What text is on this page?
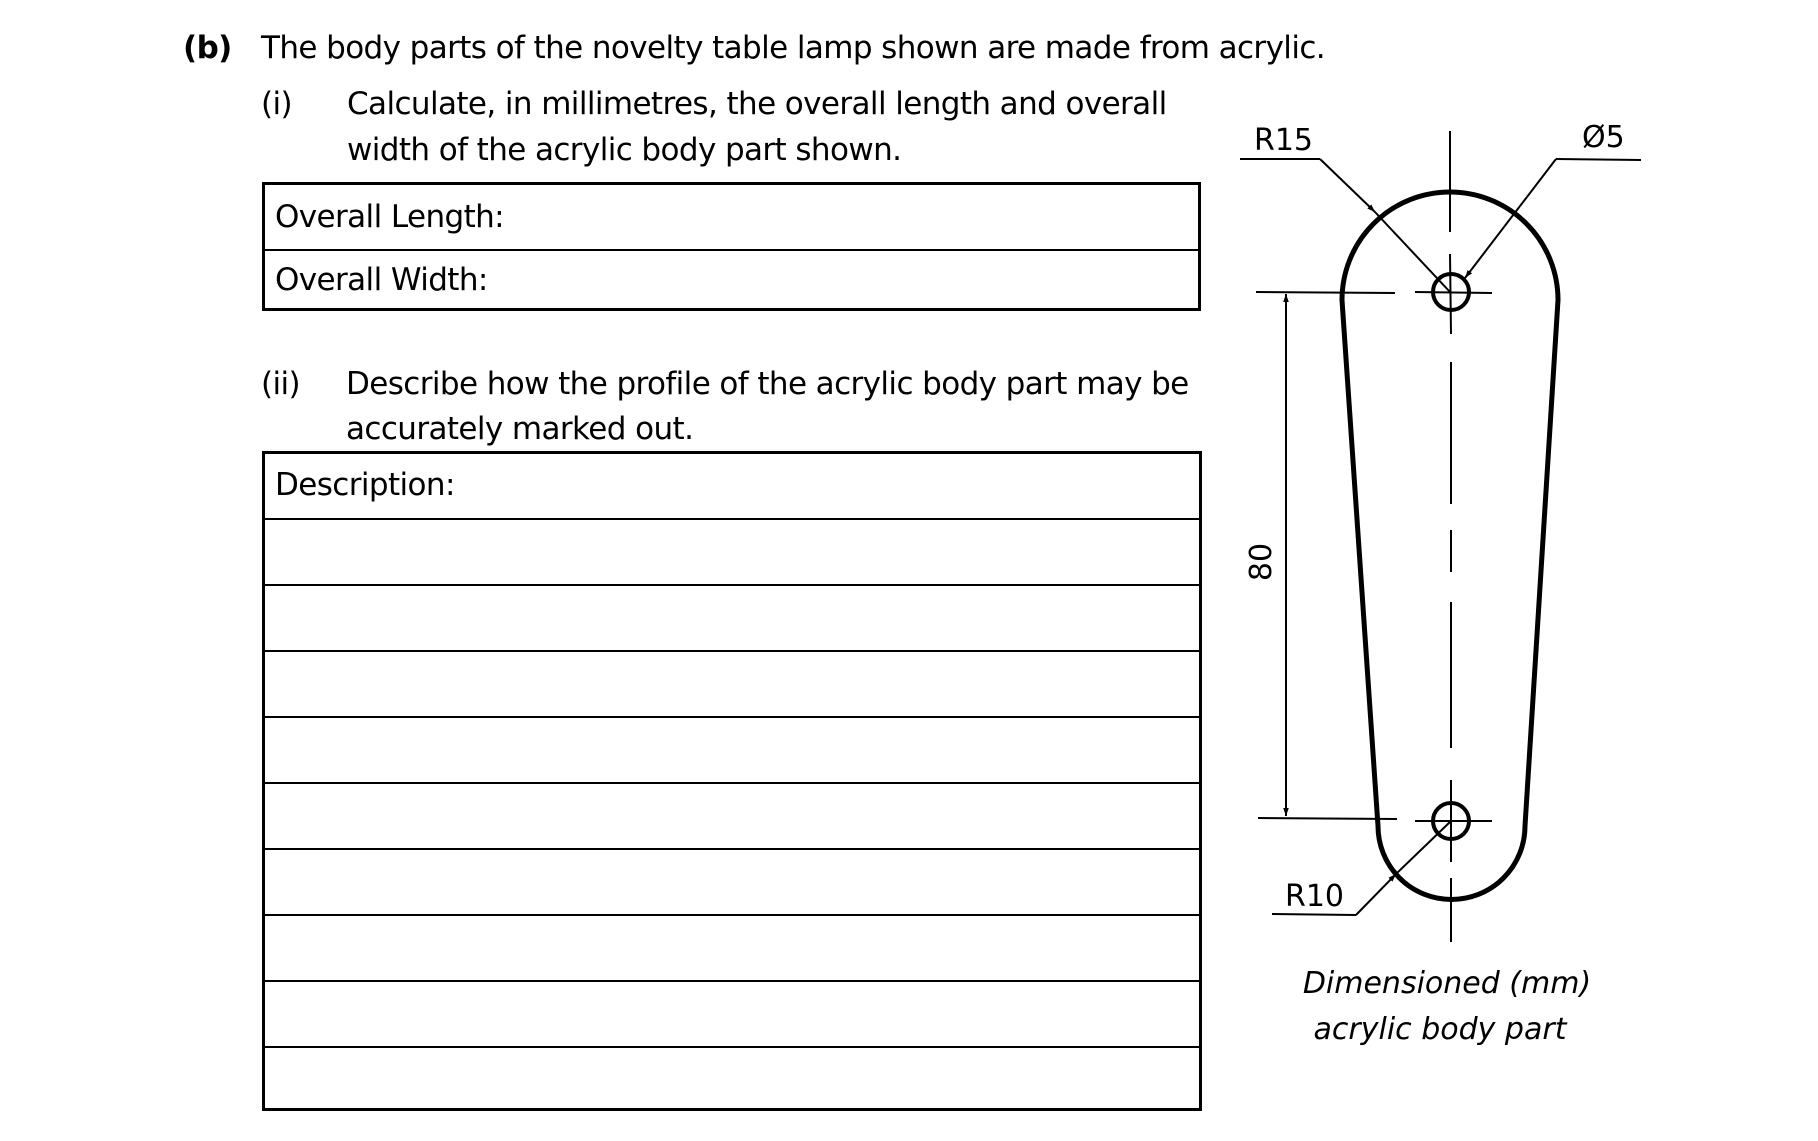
(b) The body parts of the novelty table lamp shown are made from acrylic.
(i) Calculate, in millimetres, the overall length and overall
width of the acrylic body part shown.
Overall Length:
Overall Width:
(ii) Describe how the profile of the acrylic body part may be
accurately marked out.
Description:
80
R15	Ø5
R10
Dimensioned (mm)
acrylic body part
